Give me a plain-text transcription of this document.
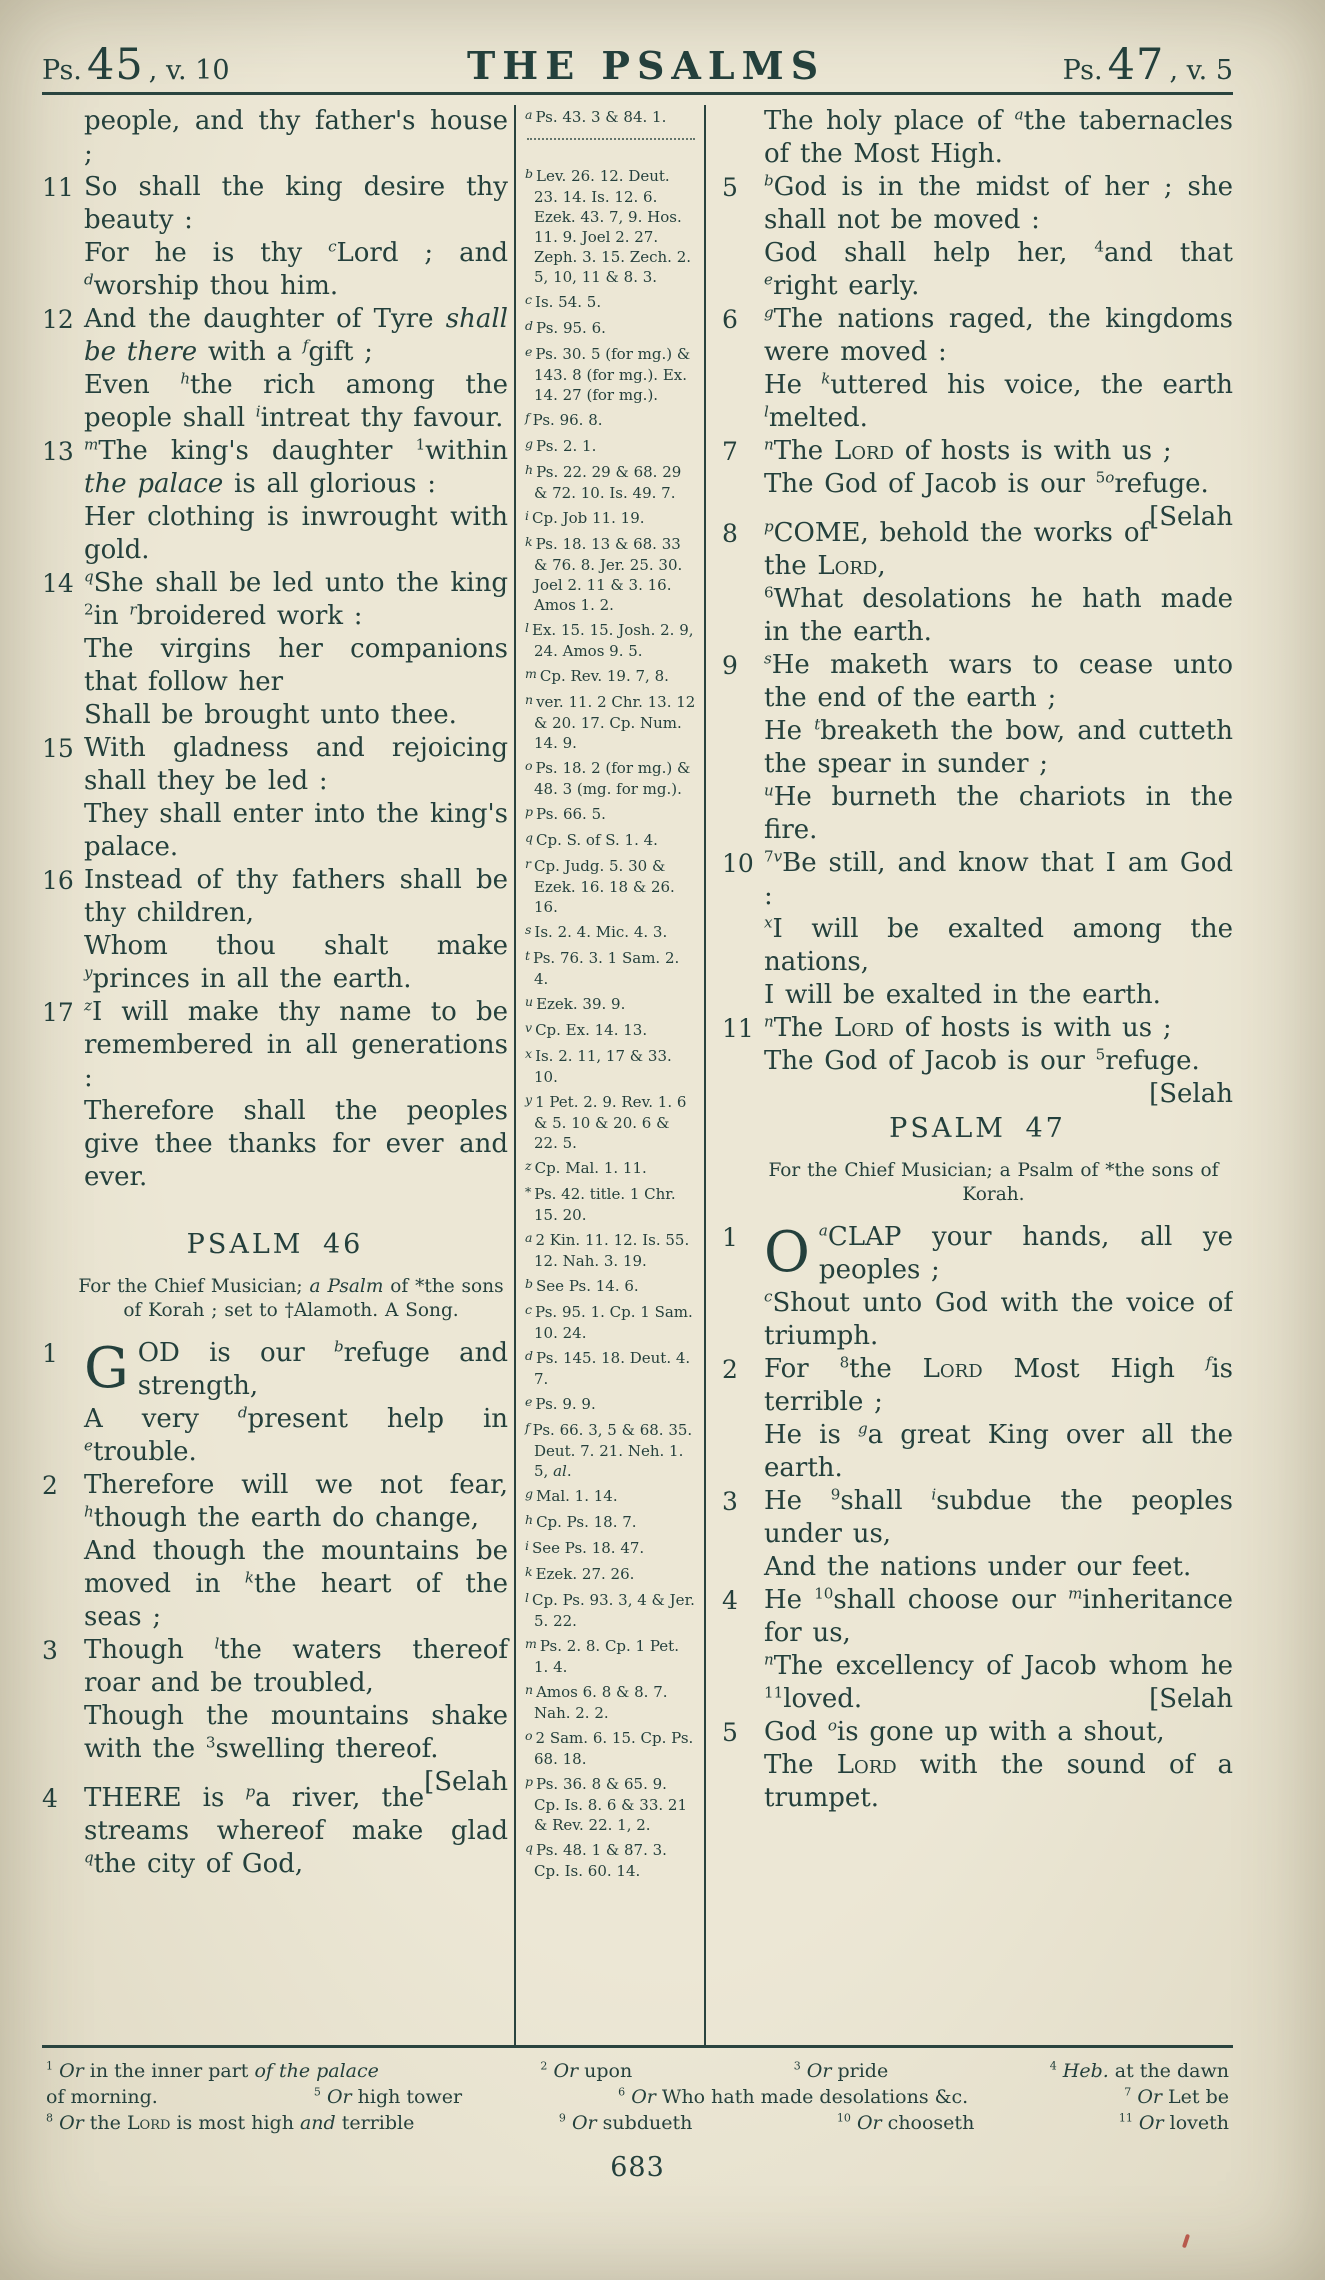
Ps. 45 , v. 10	THE PSALMS	Ps. 47 , v. 5

people, and thy father's house ;

11 So shall the king desire thy beauty :

For he is thy $^c$Lord ; and $^d$worship thou him.

12 And the daughter of Tyre shall be there with a $^f$gift ;

Even $^h$the rich among the people shall $^i$intreat thy favour.

13 $^m$The king's daughter $^1$within the palace is all glorious :

Her clothing is inwrought with gold.

14 $^q$She shall be led unto the king $^2$in $^r$broidered work :

The virgins her companions that follow her

Shall be brought unto thee.

15 With gladness and rejoicing shall they be led :

They shall enter into the king's palace.

16 Instead of thy fathers shall be thy children,

Whom thou shalt make $^y$princes in all the earth.

17 $^z$I will make thy name to be remembered in all generations :

Therefore shall the peoples give thee thanks for ever and ever.

PSALM 46

For the Chief Musician; a Psalm of *the sons of Korah ; set to †Alamoth. A Song.

1 G OD is our $^b$refuge and strength,

A very $^d$present help in $^e$trouble.

2	Therefore will we not fear, $^h$though the earth do change,

And though the mountains be moved in $^k$the heart of the seas ;

3	Though $^l$the waters thereof roar and be troubled,

Though the mountains shake with the $^3$swelling thereof.
[Selah

4	THERE is $^p$a river, the streams whereof make glad $^q$the city of God,

$^a$ Ps. 43. 3 & 84. 1.
$^b$ Lev. 26. 12. Deut. 23. 14. Is. 12. 6. Ezek. 43. 7, 9. Hos. 11. 9. Joel 2. 27. Zeph. 3. 15. Zech. 2. 5, 10, 11 & 8. 3.
$^c$ Is. 54. 5.
$^d$ Ps. 95. 6.
$^e$ Ps. 30. 5 (for mg.) & 143. 8 (for mg.). Ex. 14. 27 (for mg.).
$^f$ Ps. 96. 8.
$^g$ Ps. 2. 1.
$^h$ Ps. 22. 29 & 68. 29 & 72. 10. Is. 49. 7.
$^i$ Cp. Job 11. 19.
$^k$ Ps. 18. 13 & 68. 33 & 76. 8. Jer. 25. 30. Joel 2. 11 & 3. 16. Amos 1. 2.
$^l$ Ex. 15. 15. Josh. 2. 9, 24. Amos 9. 5.
$^m$ Cp. Rev. 19. 7, 8.
$^n$ ver. 11. 2 Chr. 13. 12 & 20. 17. Cp. Num. 14. 9.
$^o$ Ps. 18. 2 (for mg.) & 48. 3 (mg. for mg.).
$^p$ Ps. 66. 5.
$^q$ Cp. S. of S. 1. 4.
$^r$ Cp. Judg. 5. 30 & Ezek. 16. 18 & 26. 16.
$^s$ Is. 2. 4. Mic. 4. 3.
$^t$ Ps. 76. 3. 1 Sam. 2. 4.
$^u$ Ezek. 39. 9.
$^v$ Cp. Ex. 14. 13.
$^x$ Is. 2. 11, 17 & 33. 10.
$^y$ 1 Pet. 2. 9. Rev. 1. 6 & 5. 10 & 20. 6 & 22. 5.
$^z$ Cp. Mal. 1. 11.
* Ps. 42. title. 1 Chr. 15. 20.
$^a$ 2 Kin. 11. 12. Is. 55. 12. Nah. 3. 19.
$^b$ See Ps. 14. 6.
$^c$ Ps. 95. 1. Cp. 1 Sam. 10. 24.
$^d$ Ps. 145. 18. Deut. 4. 7.
$^e$ Ps. 9. 9.
$^f$ Ps. 66. 3, 5 & 68. 35. Deut. 7. 21. Neh. 1. 5, al.
$^g$ Mal. 1. 14.
$^h$ Cp. Ps. 18. 7.
$^i$ See Ps. 18. 47.
$^k$ Ezek. 27. 26.
$^l$ Cp. Ps. 93. 3, 4 & Jer. 5. 22.
$^m$ Ps. 2. 8. Cp. 1 Pet. 1. 4.
$^n$ Amos 6. 8 & 8. 7. Nah. 2. 2.
$^o$ 2 Sam. 6. 15. Cp. Ps. 68. 18.
$^p$ Ps. 36. 8 & 65. 9. Cp. Is. 8. 6 & 33. 21 & Rev. 22. 1, 2.
$^q$ Ps. 48. 1 & 87. 3. Cp. Is. 60. 14.

The holy place of $^a$the tabernacles of the Most High.

5	$^b$God is in the midst of her ; she shall not be moved :

God shall help her, $^4$and that $^e$right early.

6	$^g$The nations raged, the kingdoms were moved :

He $^k$uttered his voice, the earth $^l$melted.

7	$^n$The Lord of hosts is with us ;

The God of Jacob is our $^{5o}$refuge.
[Selah

8	$^p$COME, behold the works of the Lord,

$^6$What desolations he hath made in the earth.

9	$^s$He maketh wars to cease unto the end of the earth ;

He $^t$breaketh the bow, and cutteth the spear in sunder ;

$^u$He burneth the chariots in the fire.

10 $^{7v}$Be still, and know that I am God :

$^x$I will be exalted among the nations,

I will be exalted in the earth.

11 $^n$The Lord of hosts is with us ;

The God of Jacob is our $^5$refuge.
[Selah

PSALM 47

For the Chief Musician; a Psalm of *the sons of Korah.

1 O $^a$CLAP your hands, all ye peoples ;

$^c$Shout unto God with the voice of triumph.

2	For $^8$the Lord Most High $^f$is terrible ;

He is $^g$a great King over all the earth.

3	He $^9$shall $^i$subdue the peoples under us,

And the nations under our feet.

4	He $^{10}$shall choose our $^m$inheritance for us,

$^n$The excellency of Jacob whom he $^{11}$loved.	[Selah

5	God $^o$is gone up with a shout,

The Lord with the sound of a trumpet.

$^1$ Or in the inner part of the palace	$^2$ Or upon	$^3$ Or pride	$^4$ Heb. at the dawn
of morning.	$^5$ Or high tower	$^6$ Or Who hath made desolations &c.	$^7$ Or Let be
$^8$ Or the Lord is most high and terrible	$^9$ Or subdueth	$^{10}$ Or chooseth	$^{11}$ Or loveth
683
